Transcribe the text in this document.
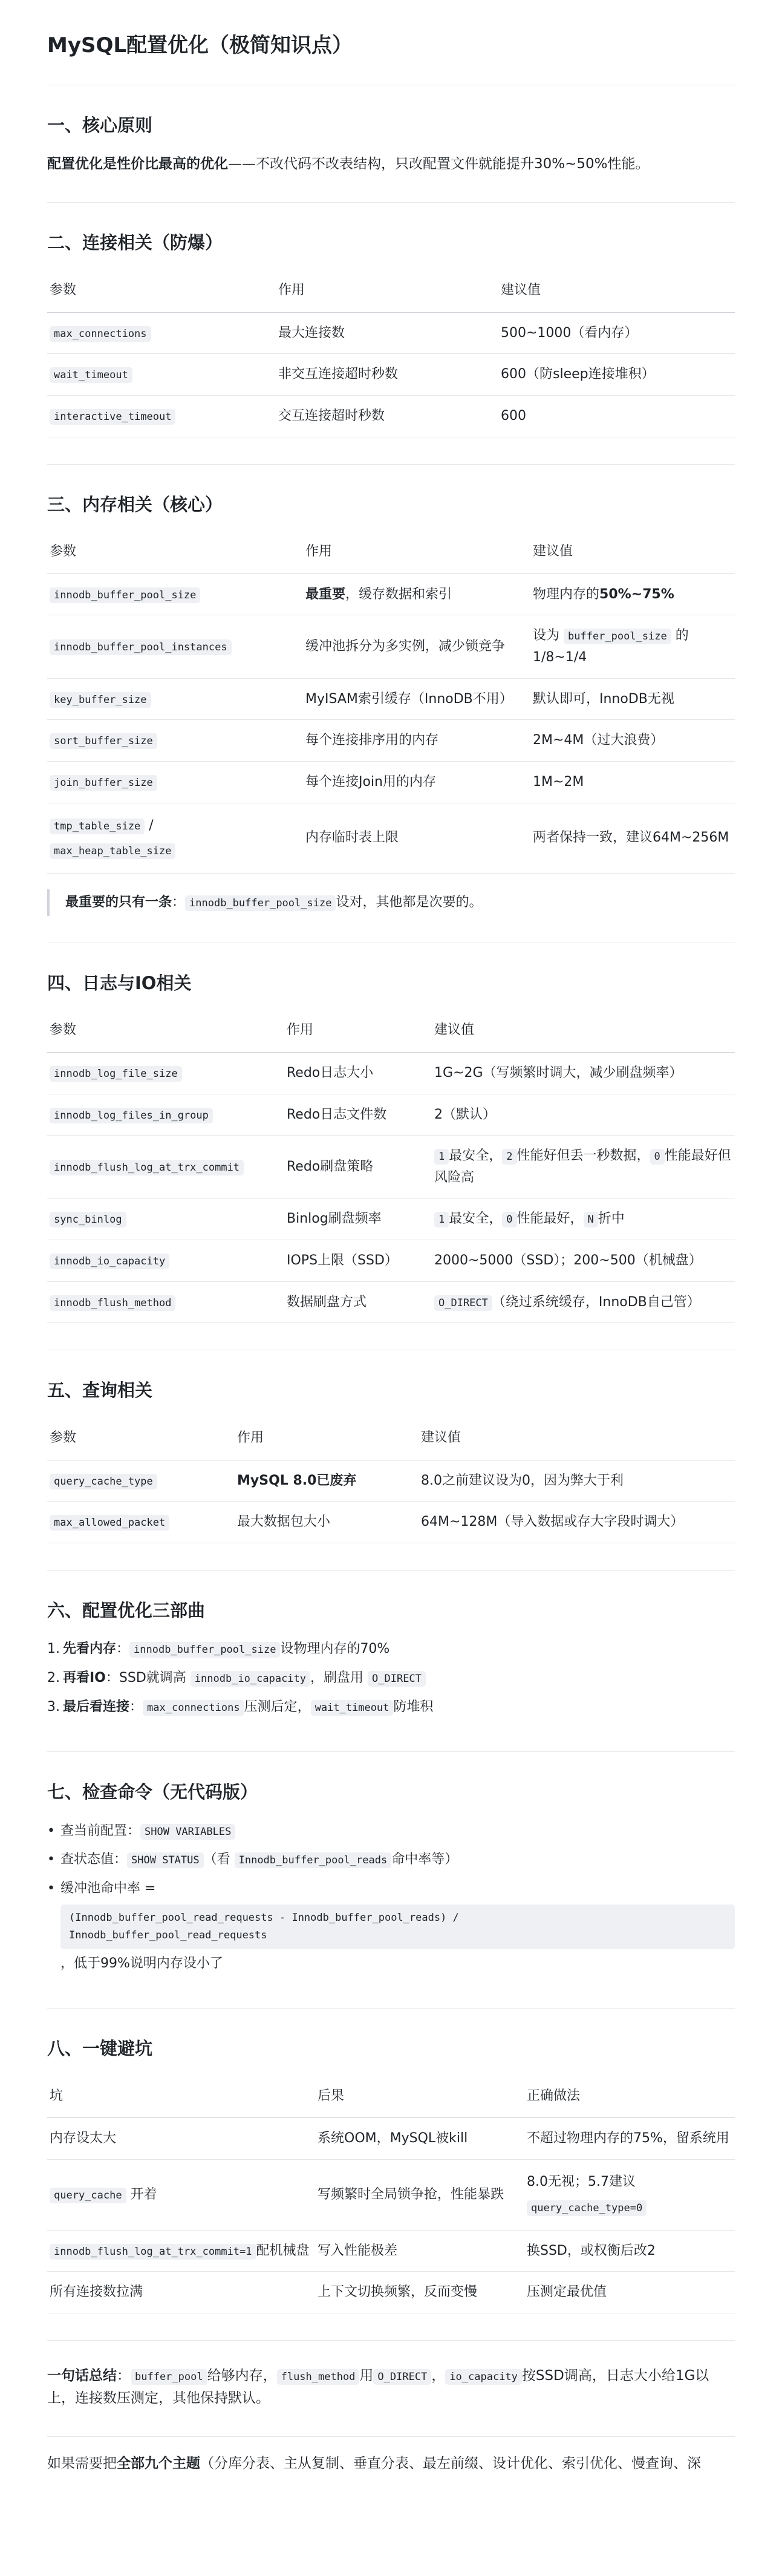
MySQL配置优化（极简知识点）
一、核心原则

配置优化是性价比最高的优化——不改代码不改表结构，只改配置文件就能提升30%~50%性能。

二、连接相关（防爆）
参数	作用	建议值
max_connections	最大连接数	500~1000（看内存）
wait_timeout	非交互连接超时秒数	600（防sleep连接堆积）
interactive_timeout	交互连接超时秒数	600
三、内存相关（核心）
参数	作用	建议值
innodb_buffer_pool_size	最重要，缓存数据和索引	物理内存的50%~75%
innodb_buffer_pool_instances	缓冲池拆分为多实例，减少锁竞争	设为 buffer_pool_size 的1/8~1/4
key_buffer_size	MyISAM索引缓存（InnoDB不用）	默认即可，InnoDB无视
sort_buffer_size	每个连接排序用的内存	2M~4M（过大浪费）
join_buffer_size	每个连接Join用的内存	1M~2M
tmp_table_size /
max_heap_table_size	内存临时表上限	两者保持一致，建议64M~256M
最重要的只有一条： innodb_buffer_pool_size 设对，其他都是次要的。
四、日志与IO相关
参数	作用	建议值
innodb_log_file_size	Redo日志大小	1G~2G（写频繁时调大，减少刷盘频率）
innodb_log_files_in_group	Redo日志文件数	2（默认）
innodb_flush_log_at_trx_commit	Redo刷盘策略	1 最安全， 2 性能好但丢一秒数据， 0 性能最好但风险高
sync_binlog	Binlog刷盘频率	1 最安全， 0 性能最好， N 折中
innodb_io_capacity	IOPS上限（SSD）	2000~5000（SSD）；200~500（机械盘）
innodb_flush_method	数据刷盘方式	O_DIRECT （绕过系统缓存，InnoDB自己管）
五、查询相关
参数	作用	建议值
query_cache_type	MySQL 8.0已废弃	8.0之前建议设为0，因为弊大于利
max_allowed_packet	最大数据包大小	64M~128M（导入数据或存大字段时调大）
六、配置优化三部曲
1. 先看内存： innodb_buffer_pool_size 设物理内存的70%
2. 再看IO：SSD就调高 innodb_io_capacity ，刷盘用 O_DIRECT
3. 最后看连接： max_connections 压测后定， wait_timeout 防堆积
七、检查命令（无代码版）
• 查当前配置： SHOW VARIABLES
• 查状态值： SHOW STATUS （看 Innodb_buffer_pool_reads 命中率等）
• 缓冲池命中率 =
(Innodb_buffer_pool_read_requests - Innodb_buffer_pool_reads) /
Innodb_buffer_pool_read_requests
，低于99%说明内存设小了
八、一键避坑
坑	后果	正确做法
内存设太大	系统OOM，MySQL被kill	不超过物理内存的75%，留系统用
query_cache 开着	写频繁时全局锁争抢，性能暴跌	8.0无视；5.7建议
query_cache_type=0
innodb_flush_log_at_trx_commit=1 配机械盘	写入性能极差	换SSD，或权衡后改2
所有连接数拉满	上下文切换频繁，反而变慢	压测定最优值

一句话总结： buffer_pool 给够内存， flush_method 用 O_DIRECT ， io_capacity 按SSD调高，日志大小给1G以上，连接数压测定，其他保持默认。

如果需要把全部九个主题（分库分表、主从复制、垂直分表、最左前缀、设计优化、索引优化、慢查询、深
